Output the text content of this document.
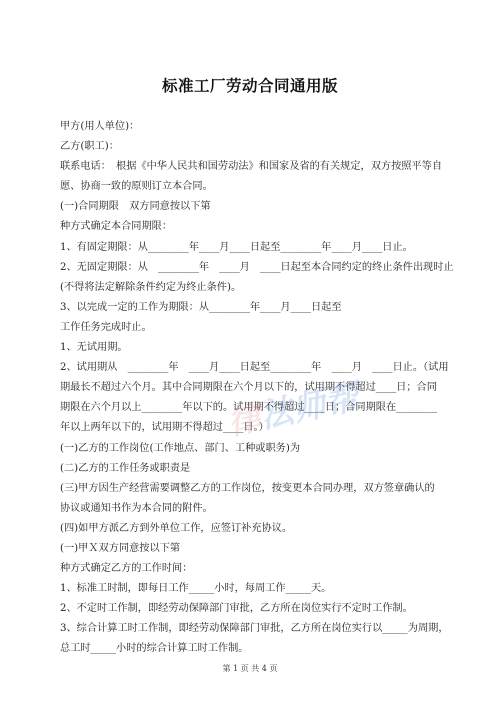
标准工厂劳动合同通用版
甲方(用人单位)：
乙方(职工)：
联系电话：　根据《中华人民共和国劳动法》和国家及省的有关规定，双方按照平等自
愿、协商一致的原则订立本合同。
(一)合同期限　双方同意按以下第
种方式确定本合同期限：
1、有固定期限：从________年____月____日起至________年____月____日止。
2、无固定期限：从　________年　____月　____日起至本合同约定的终止条件出现时止
(不得将法定解除条件约定为终止条件)。
3、以完成一定的工作为期限：从________年____月____日起至
工作任务完成时止。
1、无试用期。
2、试用期从　________年　____月____日起至________年　____月　____日止。（试用
期最长不超过六个月。其中合同期限在六个月以下的，试用期不得超过____日；合同
期限在六个月以上________年以下的。试用期不得超过____日；合同期限在________
年以上两年以下的，试用期不得超过____日。）
(一)乙方的工作岗位(工作地点、部门、工种或职务)为
(二)乙方的工作任务或职责是
(三)甲方因生产经营需要调整乙方的工作岗位，按变更本合同办理，双方签章确认的
协议或通知书作为本合同的附件。
(四)如甲方派乙方到外单位工作，应签订补充协议。
(一)甲Ｘ双方同意按以下第
种方式确定乙方的工作时间：
1、标准工时制，即每日工作_____小时，每周工作_____天。
2、不定时工作制，即经劳动保障部门审批，乙方所在岗位实行不定时工作制。
3、综合计算工时工作制，即经劳动保障部门审批，乙方所在岗位实行以_____为周期，
总工时_____小时的综合计算工时工作制。
律法师帮
第 1 页 共 4 页
